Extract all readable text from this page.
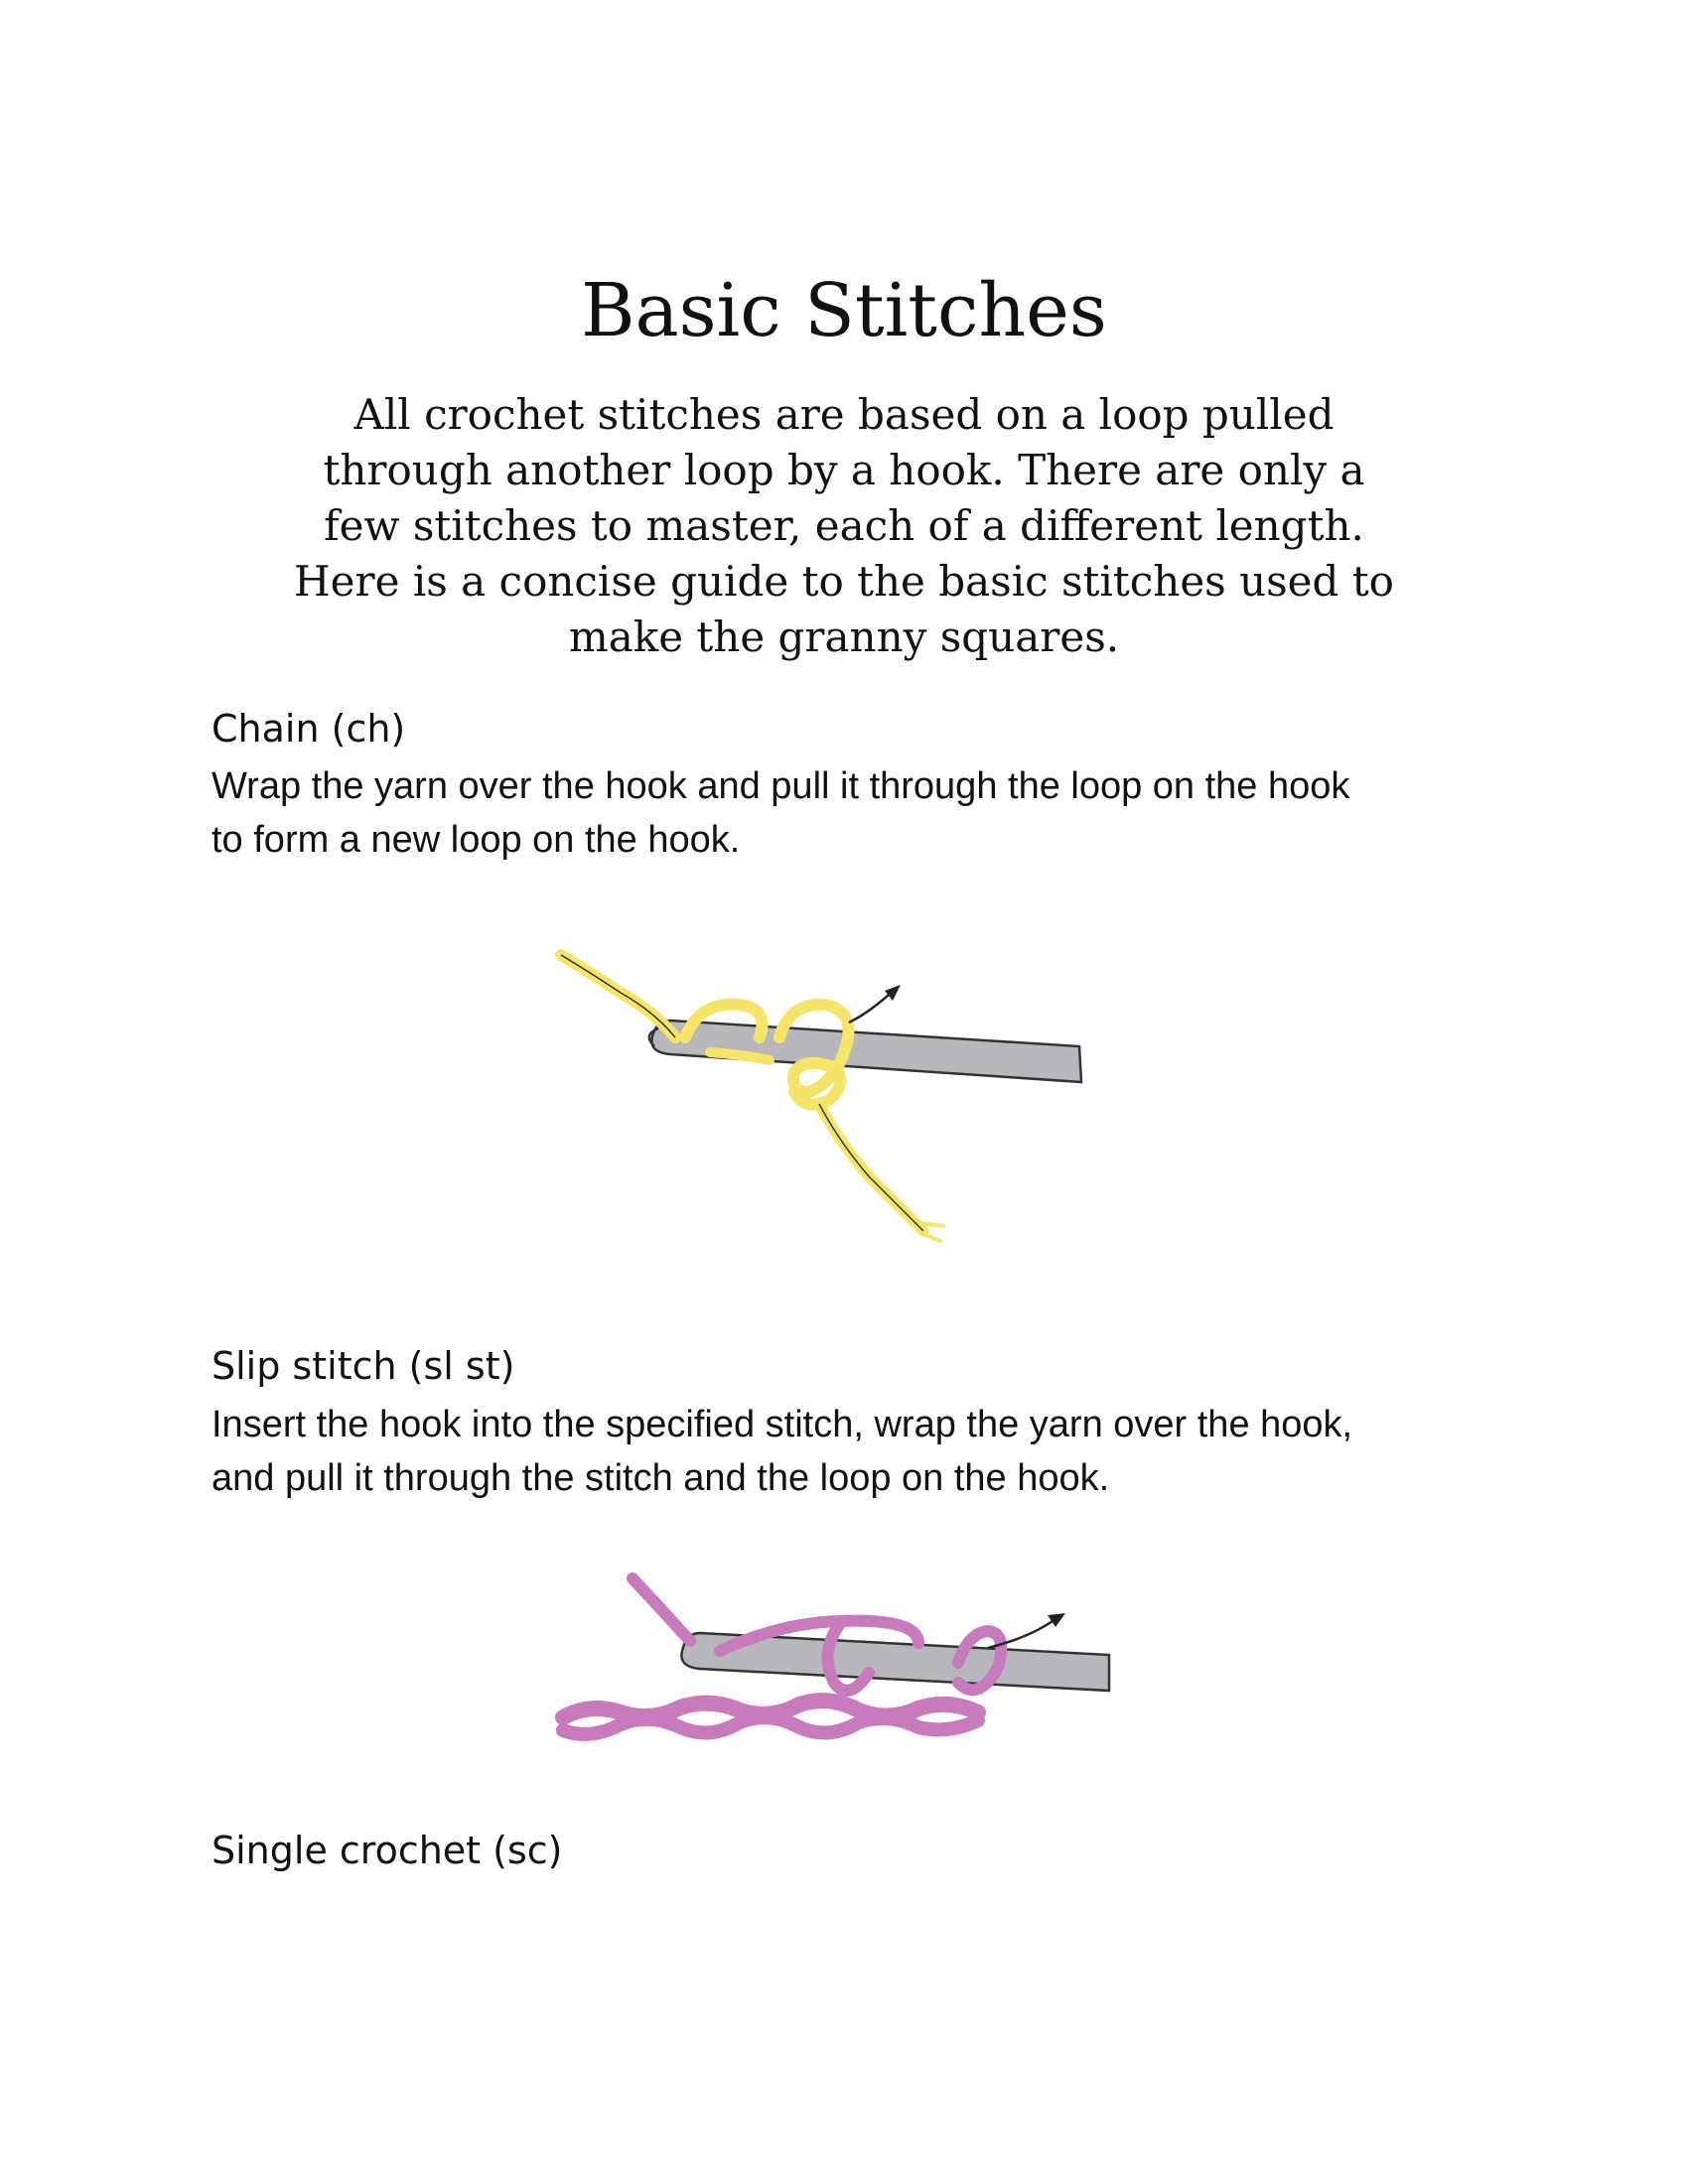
Basic Stitches

All crochet stitches are based on a loop pulled
through another loop by a hook. There are only a
few stitches to master, each of a different length.
Here is a concise guide to the basic stitches used to
make the granny squares.

Chain (ch)

Wrap the yarn over the hook and pull it through the loop on the hook
to form a new loop on the hook.

Slip stitch (sl st)

Insert the hook into the specified stitch, wrap the yarn over the hook,
and pull it through the stitch and the loop on the hook.

Single crochet (sc)
